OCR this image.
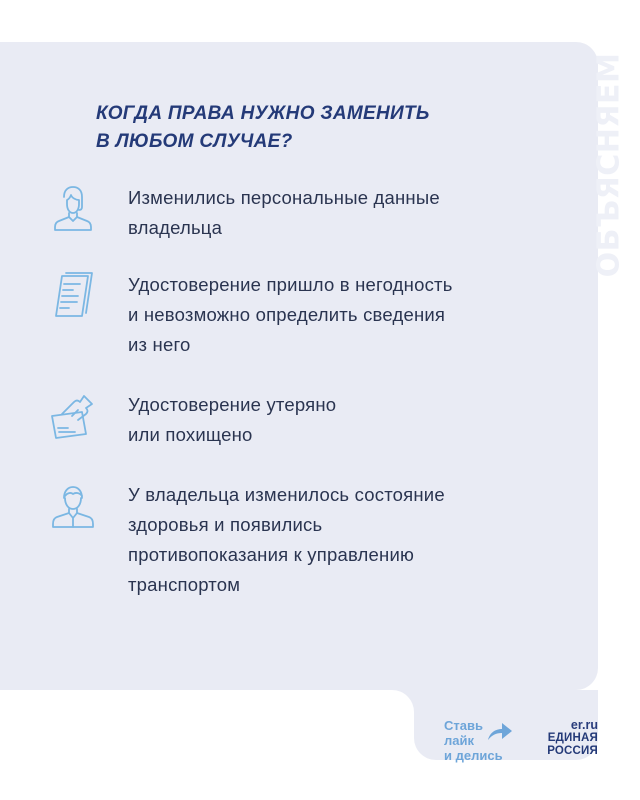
ОБЪЯСНЯЕМ
КОГДА ПРАВА НУЖНО ЗАМЕНИТЬ
В ЛЮБОМ СЛУЧАЕ?
Изменились персональные данные
владельца
Удостоверение пришло в негодность
и невозможно определить сведения
из него
Удостоверение утеряно
или похищено
У владельца изменилось состояние
здоровья и появились
противопоказания к управлению
транспортом
Ставь
лайк
и делись
er.ru
ЕДИНАЯ
РОССИЯ
